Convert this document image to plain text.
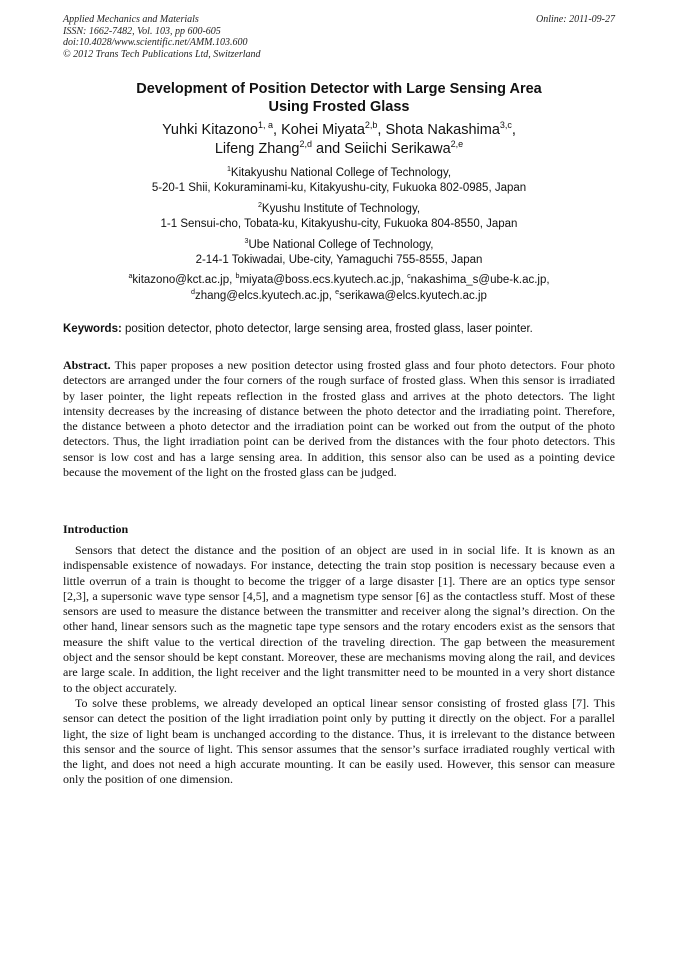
Applied Mechanics and Materials
ISSN: 1662-7482, Vol. 103, pp 600-605
doi:10.4028/www.scientific.net/AMM.103.600
© 2012 Trans Tech Publications Ltd, Switzerland
Online: 2011-09-27
Development of Position Detector with Large Sensing Area
Using Frosted Glass
Yuhki Kitazono$^{1, a}$, Kohei Miyata$^{2,b}$, Shota Nakashima$^{3,c}$,
Lifeng Zhang$^{2,d}$ and Seiichi Serikawa$^{2,e}$
$^1$Kitakyushu National College of Technology,
5-20-1 Shii, Kokuraminami-ku, Kitakyushu-city, Fukuoka 802-0985, Japan
$^2$Kyushu Institute of Technology,
1-1 Sensui-cho, Tobata-ku, Kitakyushu-city, Fukuoka 804-8550, Japan
$^3$Ube National College of Technology,
2-14-1 Tokiwadai, Ube-city, Yamaguchi 755-8555, Japan
$^a$kitazono@kct.ac.jp, $^b$miyata@boss.ecs.kyutech.ac.jp, $^c$nakashima_s@ube-k.ac.jp,
$^d$zhang@elcs.kyutech.ac.jp, $^e$serikawa@elcs.kyutech.ac.jp
Keywords: position detector, photo detector, large sensing area, frosted glass, laser pointer.
Abstract. This paper proposes a new position detector using frosted glass and four photo detectors. Four photo detectors are arranged under the four corners of the rough surface of frosted glass. When this sensor is irradiated by laser pointer, the light repeats reflection in the frosted glass and arrives at the photo detectors. The light intensity decreases by the increasing of distance between the photo detector and the irradiating point. Therefore, the distance between a photo detector and the irradiation point can be worked out from the output of the photo detectors. Thus, the light irradiation point can be derived from the distances with the four photo detectors. This sensor is low cost and has a large sensing area. In addition, this sensor also can be used as a pointing device because the movement of the light on the frosted glass can be judged.
Introduction

Sensors that detect the distance and the position of an object are used in in social life. It is known as an indispensable existence of nowadays. For instance, detecting the train stop position is necessary because even a little overrun of a train is thought to become the trigger of a large disaster [1]. There are an optics type sensor [2,3], a supersonic wave type sensor [4,5], and a magnetism type sensor [6] as the contactless stuff. Most of these sensors are used to measure the distance between the transmitter and receiver along the signal’s direction. On the other hand, linear sensors such as the magnetic tape type sensors and the rotary encoders exist as the sensors that measure the shift value to the vertical direction of the traveling direction. The gap between the measurement object and the sensor should be kept constant. Moreover, these are mechanisms moving along the rail, and devices are large scale. In addition, the light receiver and the light transmitter need to be mounted in a very short distance to the object accurately.

To solve these problems, we already developed an optical linear sensor consisting of frosted glass [7]. This sensor can detect the position of the light irradiation point only by putting it directly on the object. For a parallel light, the size of light beam is unchanged according to the distance. Thus, it is irrelevant to the distance between this sensor and the source of light. This sensor assumes that the sensor’s surface irradiated roughly vertical with the light, and does not need a high accurate mounting. It can be easily used. However, this sensor can measure only the position of one dimension.
